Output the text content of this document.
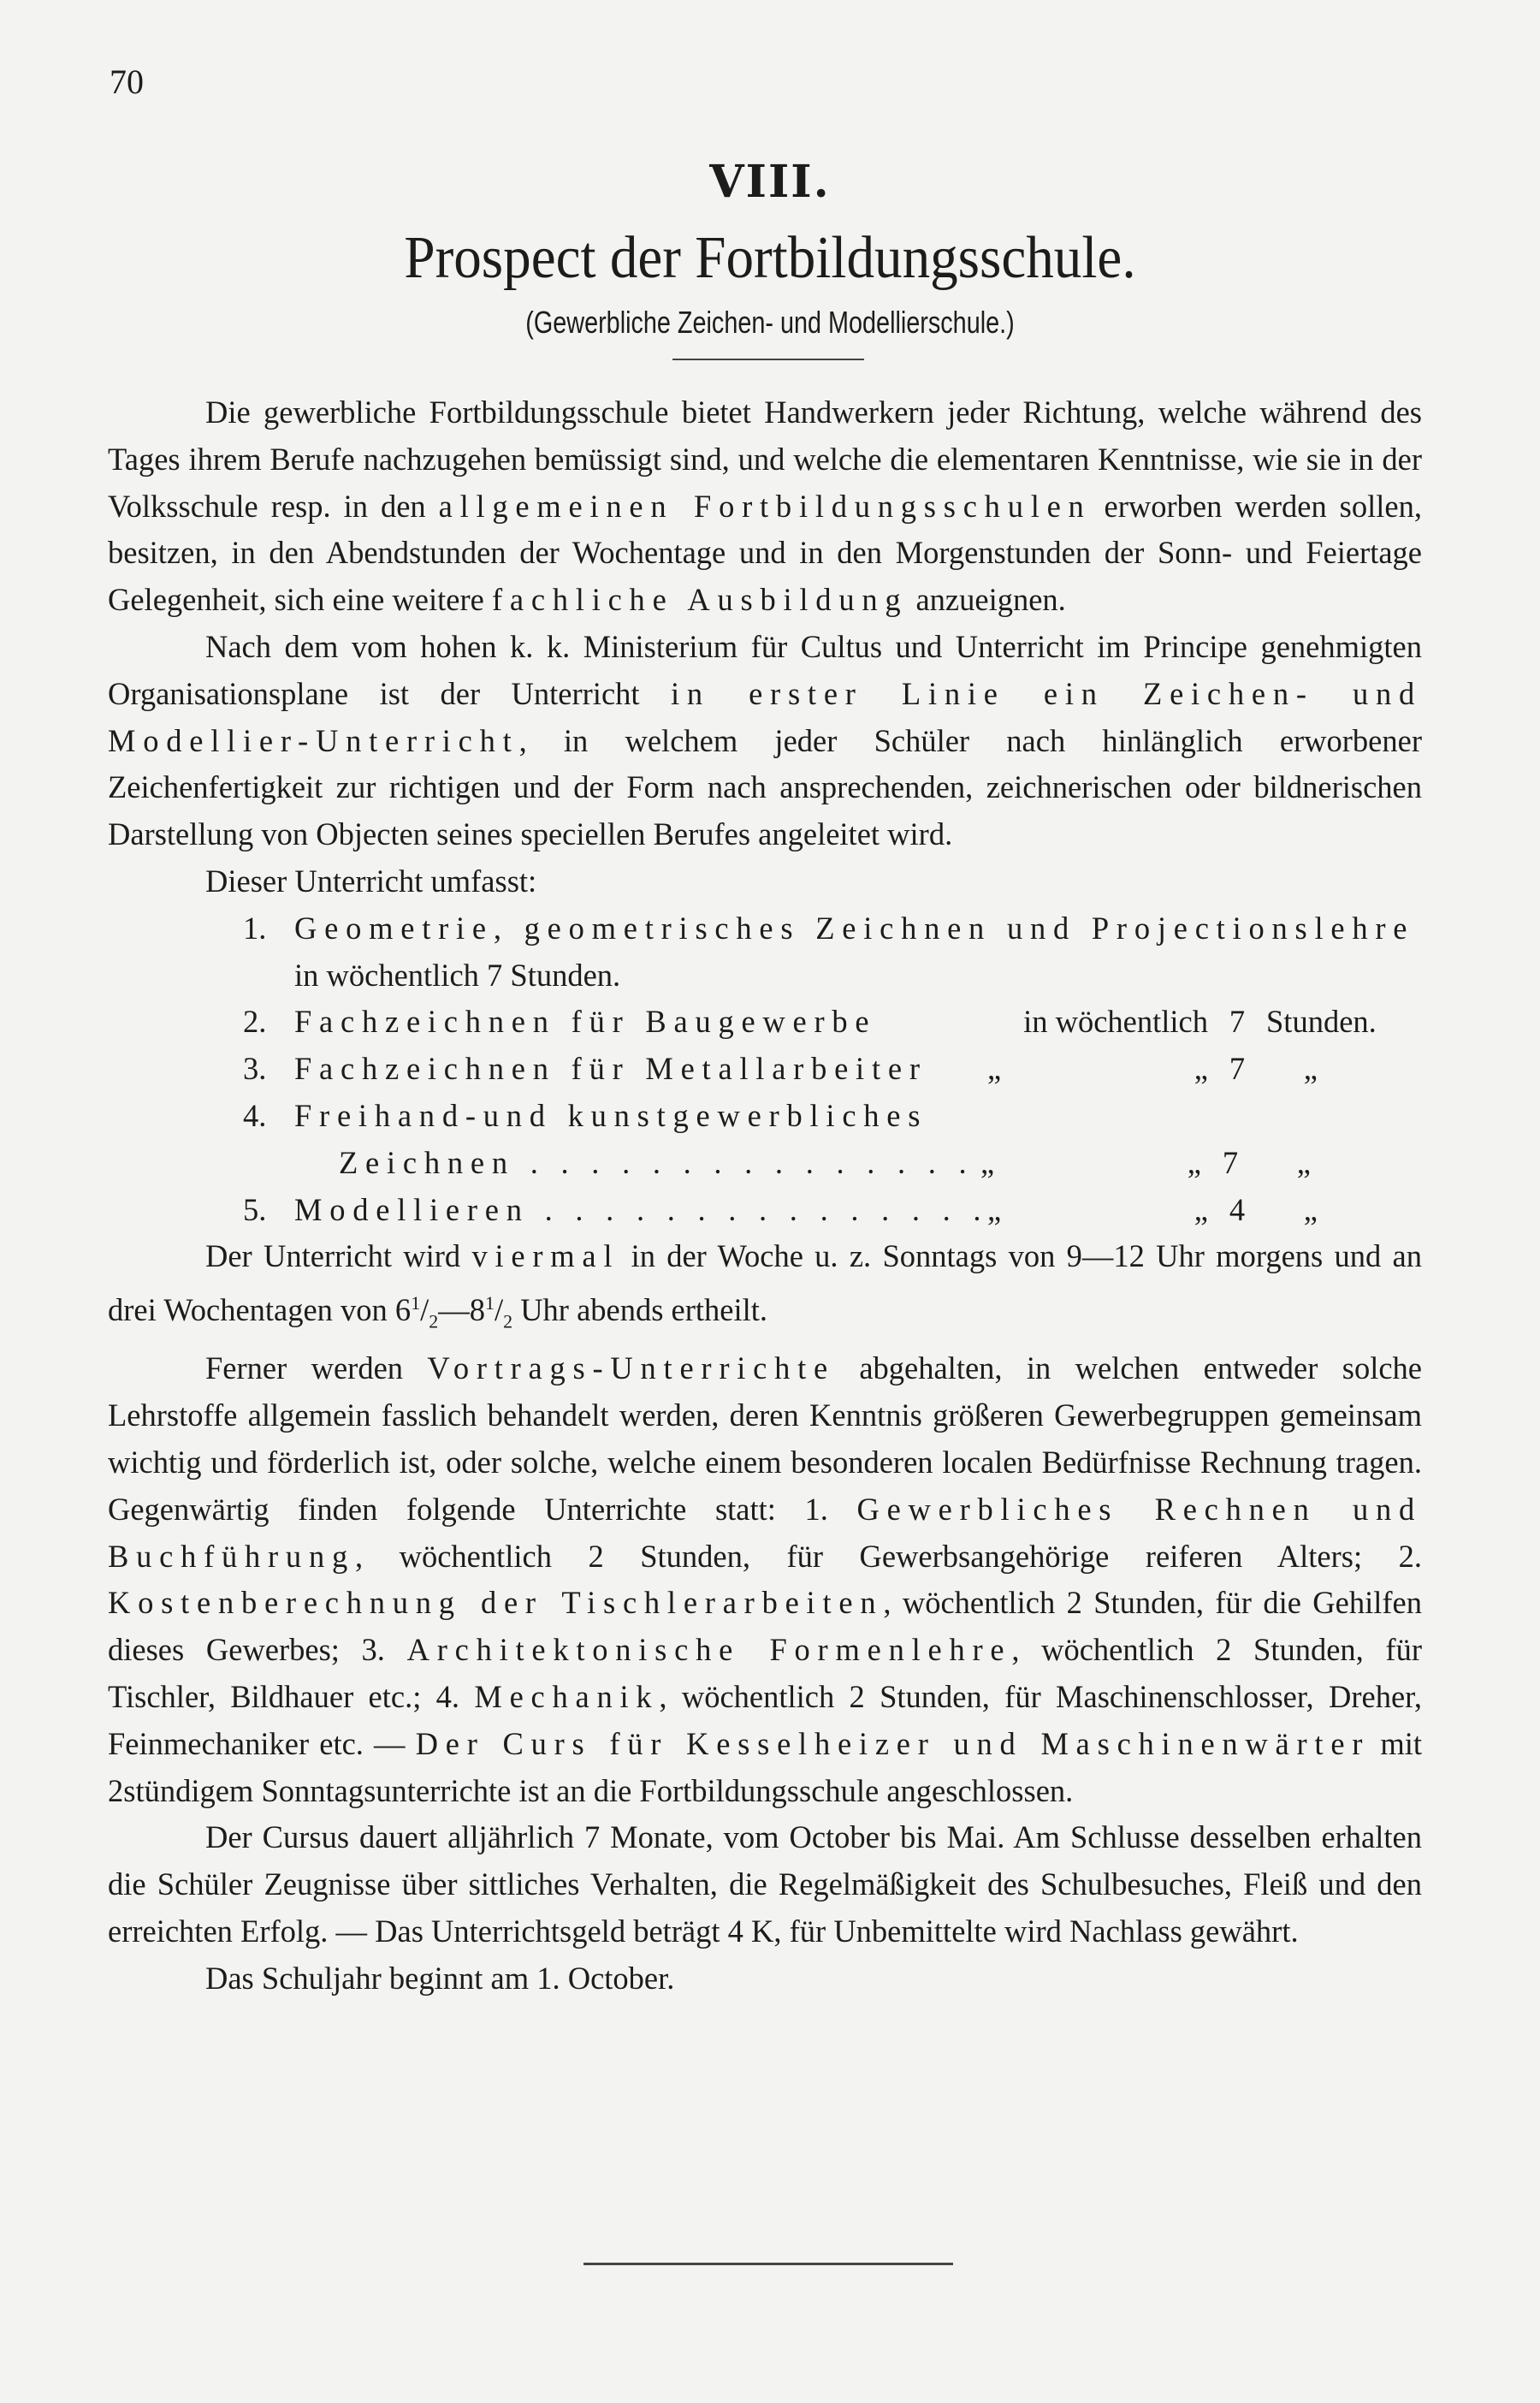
70
VIII.
Prospect der Fortbildungsschule.
(Gewerbliche Zeichen- und Modellierschule.)

Die gewerbliche Fortbildungsschule bietet Handwerkern jeder Richtung, welche während des Tages ihrem Berufe nachzugehen bemüssigt sind, und welche die elementaren Kenntnisse, wie sie in der Volksschule resp. in den allgemeinen Fortbildungsschulen erworben werden sollen, besitzen, in den Abendstunden der Wochentage und in den Morgenstunden der Sonn- und Feiertage Gelegenheit, sich eine weitere fachliche Ausbildung anzueignen.

Nach dem vom hohen k. k. Ministerium für Cultus und Unterricht im Principe genehmigten Organisationsplane ist der Unterricht in erster Linie ein Zeichen- und Modellier-Unterricht, in welchem jeder Schüler nach hinlänglich erworbener Zeichenfertigkeit zur richtigen und der Form nach ansprechenden, zeichnerischen oder bildnerischen Darstellung von Objecten seines speciellen Berufes angeleitet wird.

Dieser Unterricht umfasst:

1. Geometrie, geometrisches Zeichnen und Projectionslehre in wöchentlich 7 Stunden.
2. Fachzeichnen für Baugewerbe	in wöchentlich 7 Stunden.
3. Fachzeichnen für Metallarbeiter	„	„ 7	„
4. Freihand-und kunstgewerbliches
Zeichnen . . .	„	„ 7	„
5. Modellieren . . .	„	„ 4	„

Der Unterricht wird viermal in der Woche u. z. Sonntags von 9—12 Uhr morgens und an drei Wochentagen von $6^1/_2—8^1/_2$ Uhr abends ertheilt.

Ferner werden Vortrags-Unterrichte abgehalten, in welchen entweder solche Lehrstoffe allgemein fasslich behandelt werden, deren Kenntnis größeren Gewerbegruppen gemeinsam wichtig und förderlich ist, oder solche, welche einem besonderen localen Bedürfnisse Rechnung tragen. Gegenwärtig finden folgende Unterrichte statt: 1. Gewerbliches Rechnen und Buchführung, wöchentlich 2 Stunden, für Gewerbsangehörige reiferen Alters; 2. Kostenberechnung der Tischlerarbeiten, wöchentlich 2 Stunden, für die Gehilfen dieses Gewerbes; 3. Architektonische Formenlehre, wöchentlich 2 Stunden, für Tischler, Bildhauer etc.; 4. Mechanik, wöchentlich 2 Stunden, für Maschinenschlosser, Dreher, Feinmechaniker etc. — Der Curs für Kesselheizer und Maschinenwärter mit 2stündigem Sonntagsunterrichte ist an die Fortbildungsschule angeschlossen.

Der Cursus dauert alljährlich 7 Monate, vom October bis Mai. Am Schlusse desselben erhalten die Schüler Zeugnisse über sittliches Verhalten, die Regelmäßigkeit des Schulbesuches, Fleiß und den erreichten Erfolg. — Das Unterrichtsgeld beträgt 4 K, für Unbemittelte wird Nachlass gewährt.

Das Schuljahr beginnt am 1. October.
